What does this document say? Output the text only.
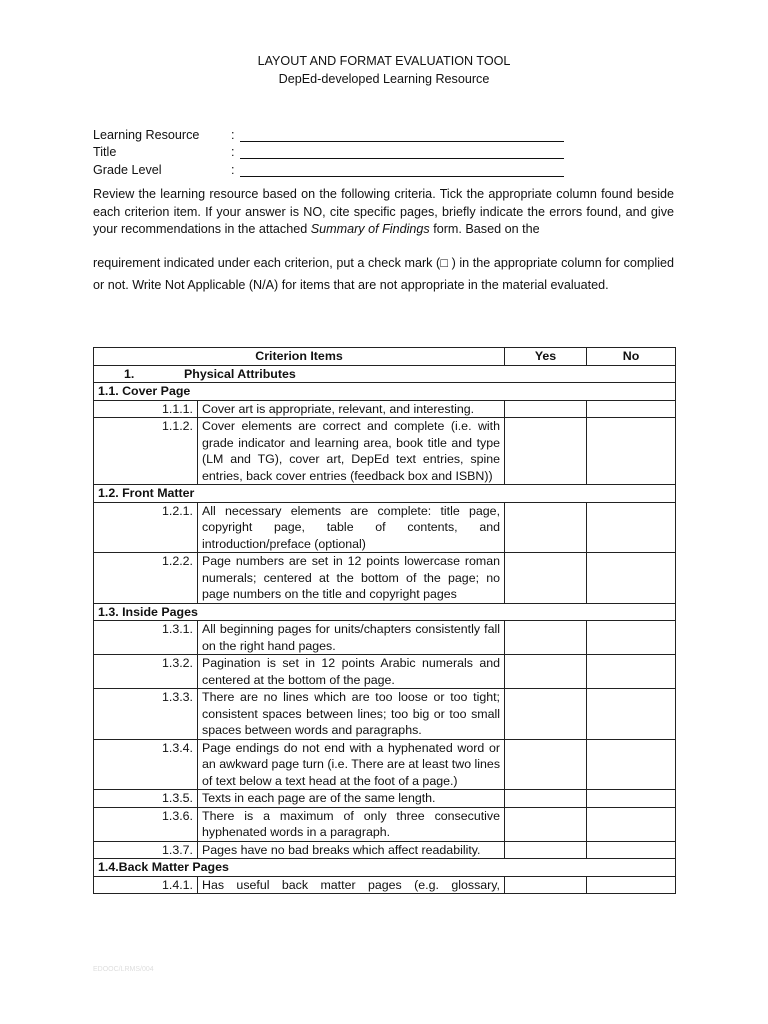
LAYOUT AND FORMAT EVALUATION TOOL
DepEd-developed Learning Resource
Learning Resource	:
Title	:
Grade Level	:

Review the learning resource based on the following criteria. Tick the appropriate column found beside each criterion item. If your answer is NO, cite specific pages, briefly indicate the errors found, and give your recommendations in the attached Summary of Findings form. Based on the

requirement indicated under each criterion, put a check mark (□ ) in the appropriate column for complied or not. Write Not Applicable (N/A) for items that are not appropriate in the material evaluated.

Criterion Items		Yes	No
1. Physical Attributes			
1.1. Cover Page			
1.1.1.	Cover art is appropriate, relevant, and interesting.		
1.1.2.	Cover elements are correct and complete (i.e. with grade indicator and learning area, book title and type (LM and TG), cover art, DepEd text entries, spine entries, back cover entries (feedback box and ISBN))		
1.2. Front Matter			
1.2.1.	All necessary elements are complete: title page, copyright page, table of contents, and introduction/preface (optional)		
1.2.2.	Page numbers are set in 12 points lowercase roman numerals; centered at the bottom of the page; no page numbers on the title and copyright pages		
1.3. Inside Pages			
1.3.1.	All beginning pages for units/chapters consistently fall on the right hand pages.		
1.3.2.	Pagination is set in 12 points Arabic numerals and centered at the bottom of the page.		
1.3.3.	There are no lines which are too loose or too tight; consistent spaces between lines; too big or too small spaces between words and paragraphs.		
1.3.4.	Page endings do not end with a hyphenated word or an awkward page turn (i.e. There are at least two lines of text below a text head at the foot of a page.)		
1.3.5.	Texts in each page are of the same length.		
1.3.6.	There is a maximum of only three consecutive hyphenated words in a paragraph.		
1.3.7.	Pages have no bad breaks which affect readability.		
1.4.Back Matter Pages			
1.4.1.	Has useful back matter pages (e.g. glossary,		
EDOOC/LRMS/004
